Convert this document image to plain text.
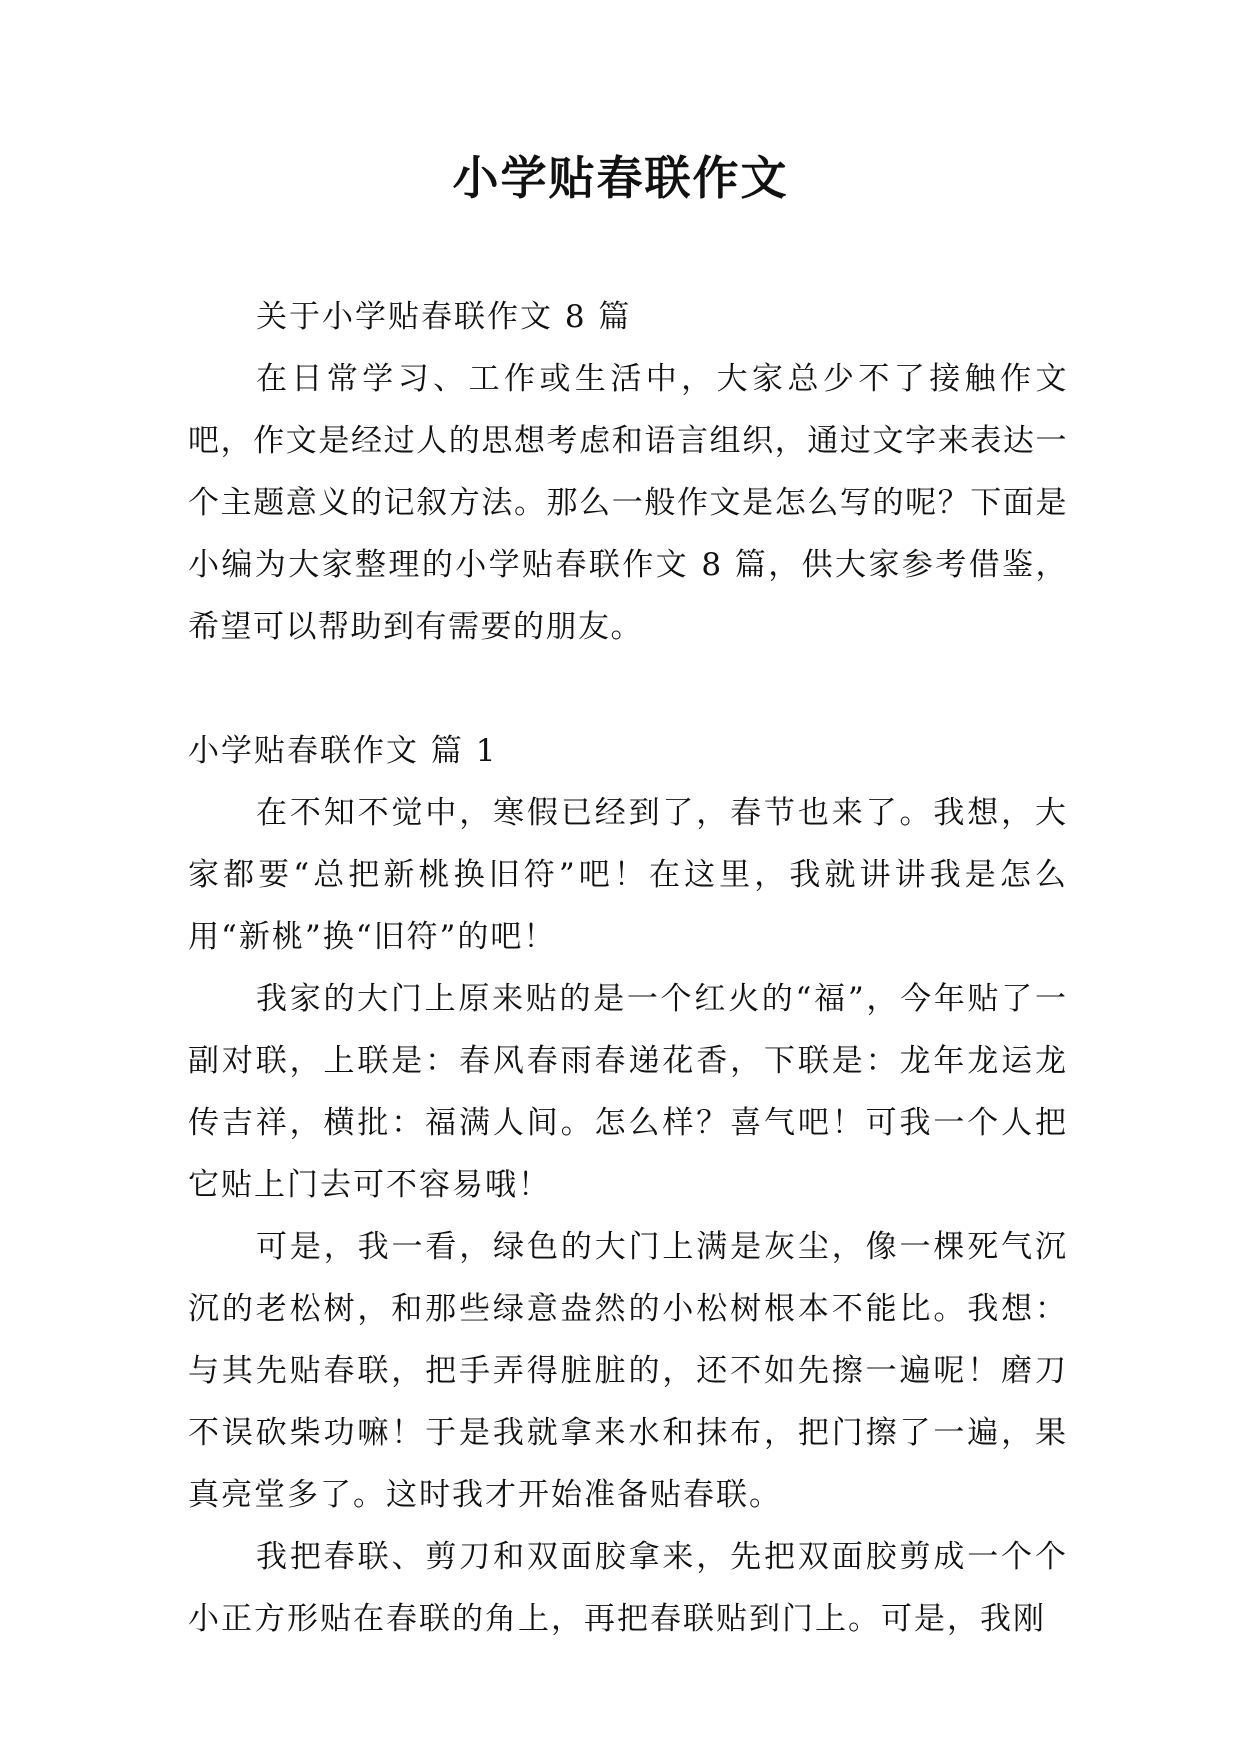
小学贴春联作文

关于小学贴春联作文 8 篇

在日常学习、工作或生活中，大家总少不了接触作文吧，作文是经过人的思想考虑和语言组织，通过文字来表达一个主题意义的记叙方法。那么一般作文是怎么写的呢？下面是小编为大家整理的小学贴春联作文 8 篇，供大家参考借鉴，希望可以帮助到有需要的朋友。

小学贴春联作文 篇 1

在不知不觉中，寒假已经到了，春节也来了。我想，大家都要“总把新桃换旧符”吧！在这里，我就讲讲我是怎么用“新桃”换“旧符”的吧！

我家的大门上原来贴的是一个红火的“福”，今年贴了一副对联，上联是：春风春雨春递花香，下联是：龙年龙运龙传吉祥，横批：福满人间。怎么样？喜气吧！可我一个人把它贴上门去可不容易哦！

可是，我一看，绿色的大门上满是灰尘，像一棵死气沉沉的老松树，和那些绿意盎然的小松树根本不能比。我想：与其先贴春联，把手弄得脏脏的，还不如先擦一遍呢！磨刀不误砍柴功嘛！于是我就拿来水和抹布，把门擦了一遍，果真亮堂多了。这时我才开始准备贴春联。

我把春联、剪刀和双面胶拿来，先把双面胶剪成一个个小正方形贴在春联的角上，再把春联贴到门上。可是，我刚
